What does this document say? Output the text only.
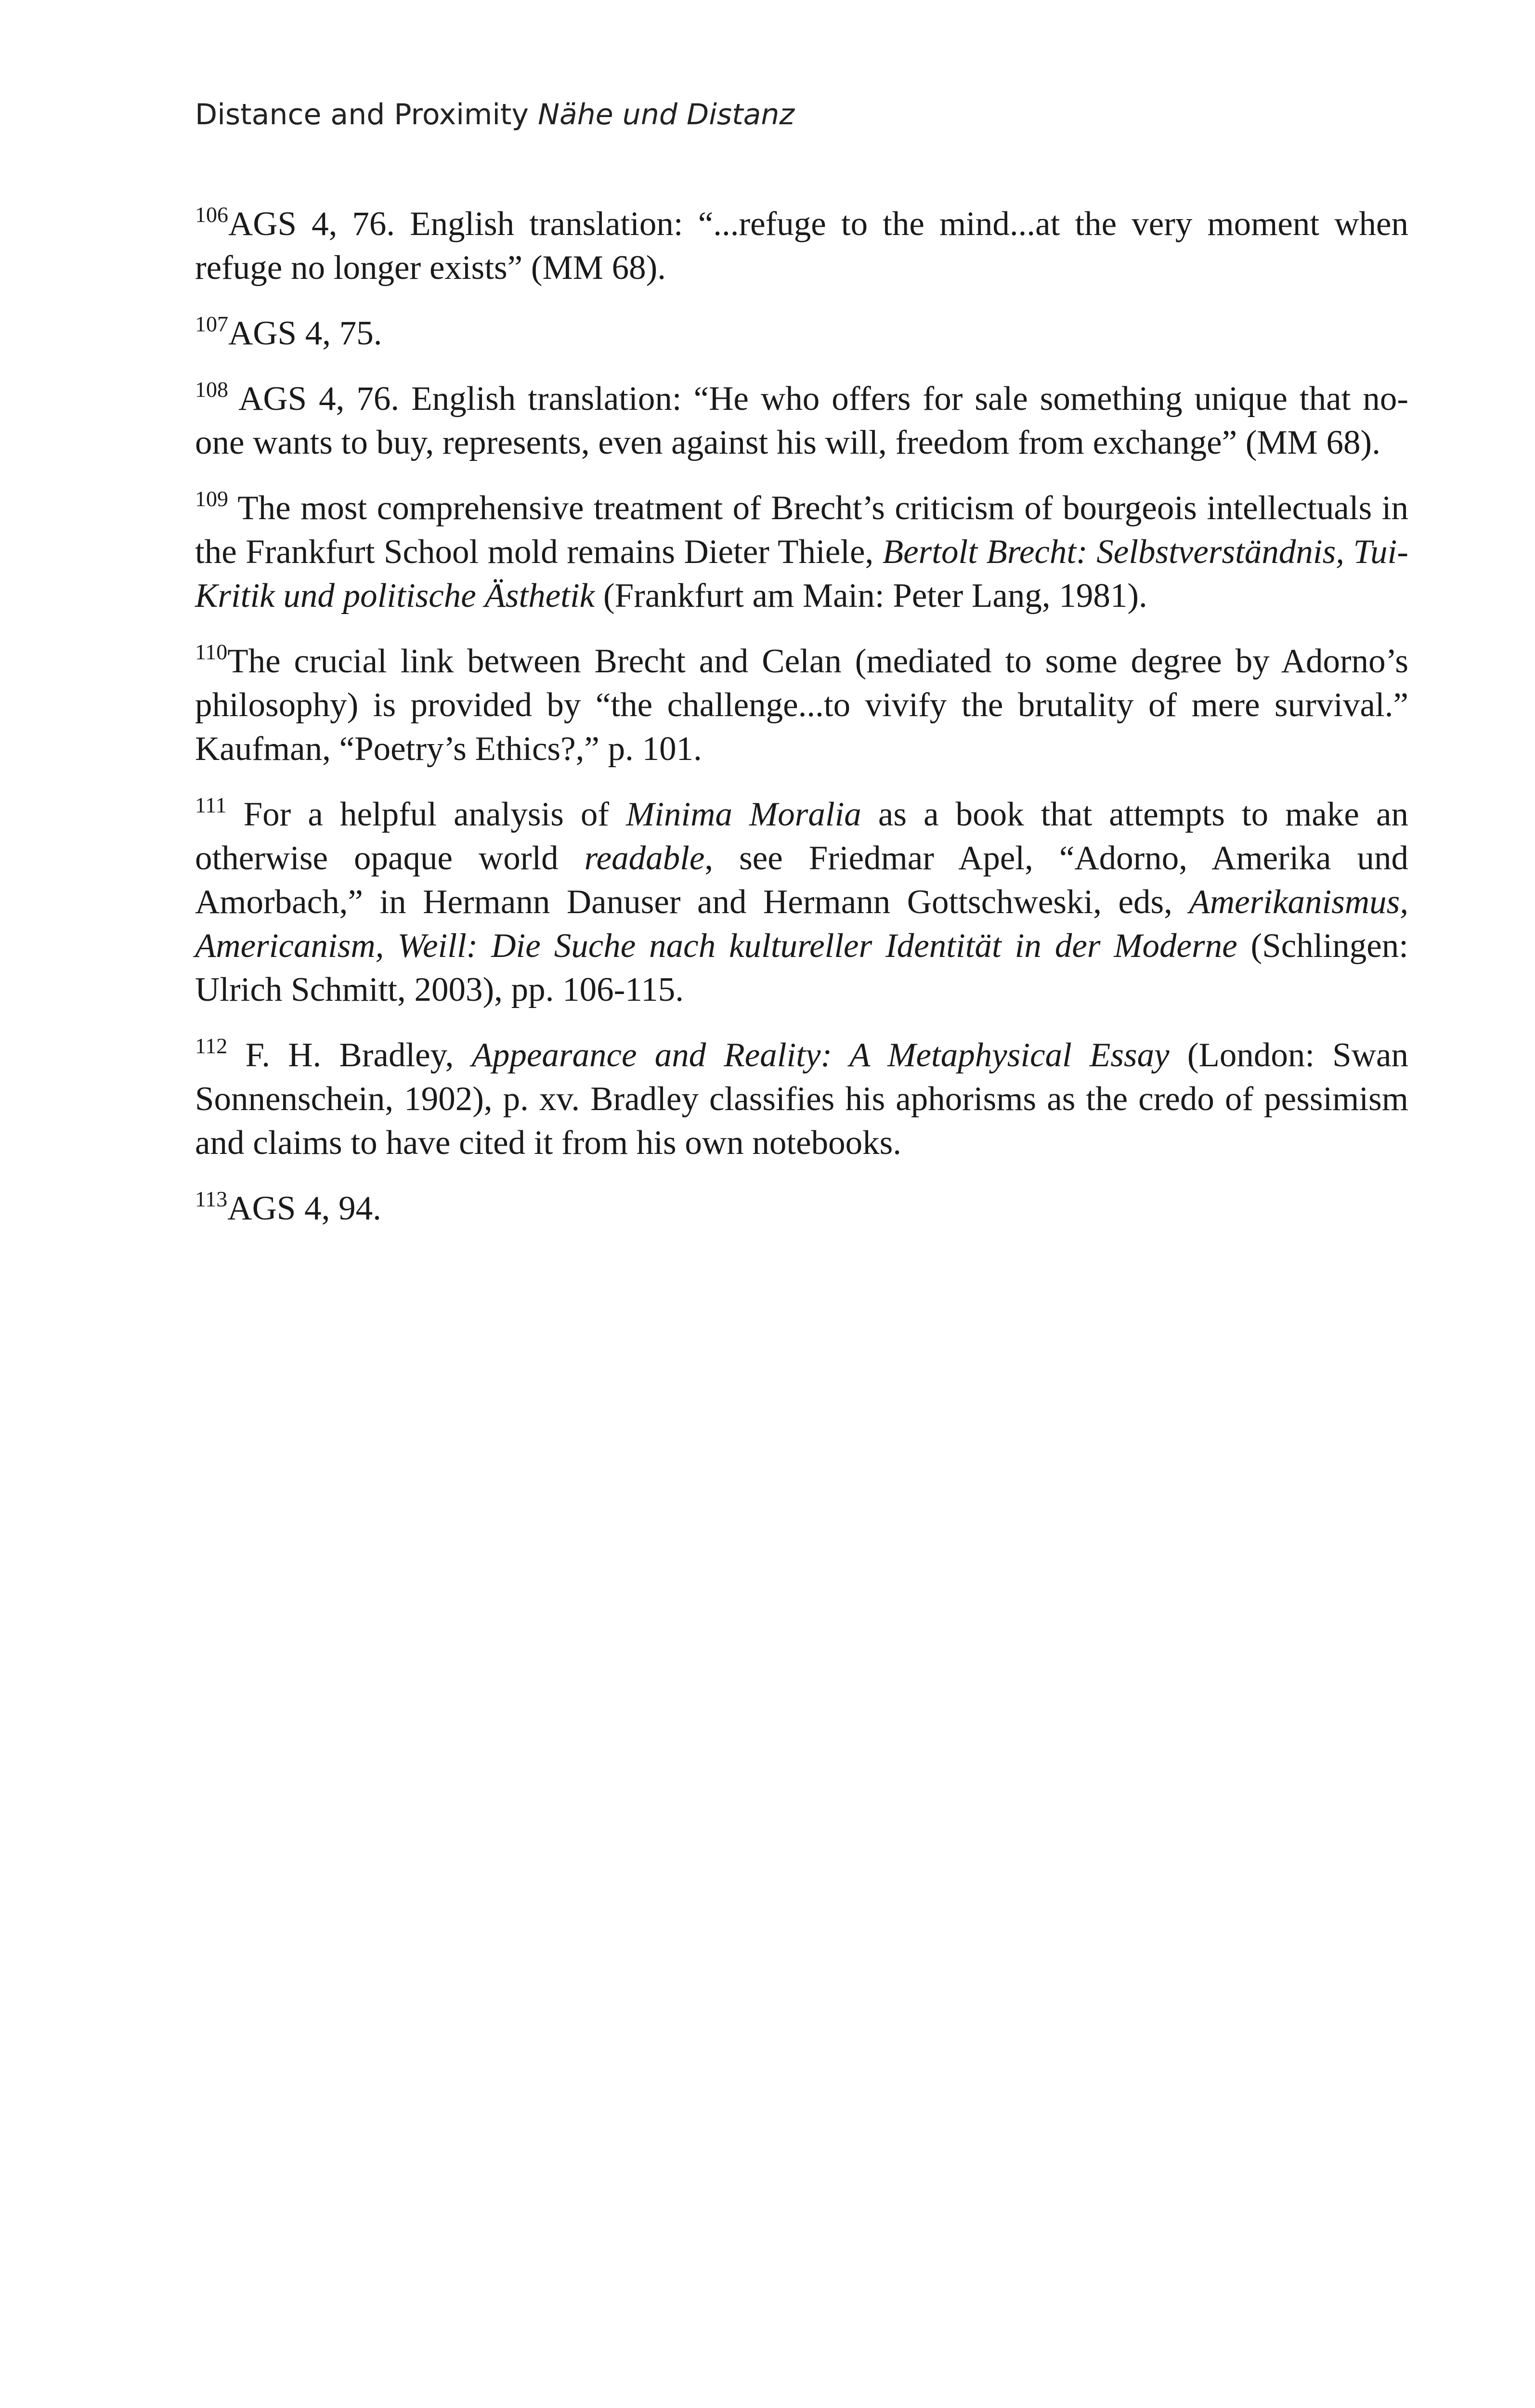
Distance and Proximity Nähe und Distanz

$^{106}$AGS 4, 76. English translation: “...refuge to the mind...at the very moment when refuge no longer exists” (MM 68).

$^{107}$AGS 4, 75.

$^{108}$ AGS 4, 76. English translation: “He who offers for sale something unique that no-one wants to buy, represents, even against his will, freedom from exchange” (MM 68).

$^{109}$ The most comprehensive treatment of Brecht’s criticism of bourgeois intellectuals in the Frankfurt School mold remains Dieter Thiele, Bertolt Brecht: Selbstverständnis, Tui-Kritik und politische Ästhetik (Frankfurt am Main: Peter Lang, 1981).

$^{110}$The crucial link between Brecht and Celan (mediated to some degree by Adorno’s philosophy) is provided by “the challenge...to vivify the brutality of mere survival.” Kaufman, “Poetry’s Ethics?,” p. 101.

$^{111}$ For a helpful analysis of Minima Moralia as a book that attempts to make an otherwise opaque world readable, see Friedmar Apel, “Adorno, Amerika und Amorbach,” in Hermann Danuser and Hermann Gottschweski, eds, Amerikanismus, Americanism, Weill: Die Suche nach kultureller Identität in der Moderne (Schlingen: Ulrich Schmitt, 2003), pp. 106-115.

$^{112}$ F. H. Bradley, Appearance and Reality: A Metaphysical Essay (London: Swan Sonnenschein, 1902), p. xv. Bradley classifies his aphorisms as the credo of pessimism and claims to have cited it from his own notebooks.

$^{113}$AGS 4, 94.
